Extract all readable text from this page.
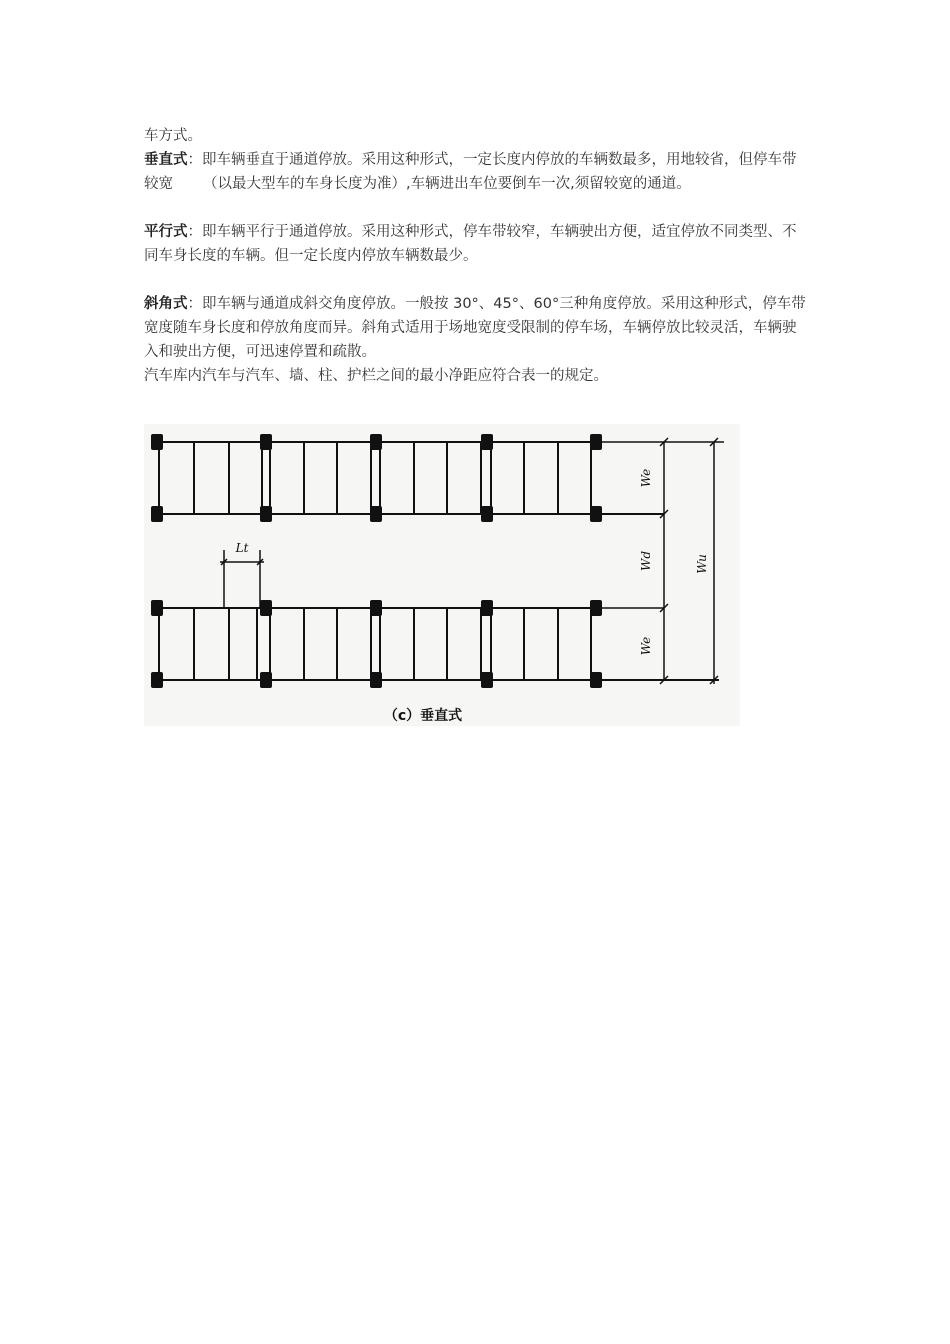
车方式。

垂直式：即车辆垂直于通道停放。采用这种形式，一定长度内停放的车辆数最多，用地较省，但停车带较宽 （以最大型车的车身长度为准）,车辆进出车位要倒车一次,须留较宽的通道。

平行式：即车辆平行于通道停放。采用这种形式，停车带较窄，车辆驶出方便，适宜停放不同类型、不同车身长度的车辆。但一定长度内停放车辆数最少。

斜角式：即车辆与通道成斜交角度停放。一般按 30°、45°、60°三种角度停放。采用这种形式，停车带宽度随车身长度和停放角度而异。斜角式适用于场地宽度受限制的停车场，车辆停放比较灵活，车辆驶入和驶出方便，可迅速停置和疏散。

汽车库内汽车与汽车、墙、柱、护栏之间的最小净距应符合表一的规定。

Lt
We
Wd	Wu
We
（c）垂直式
